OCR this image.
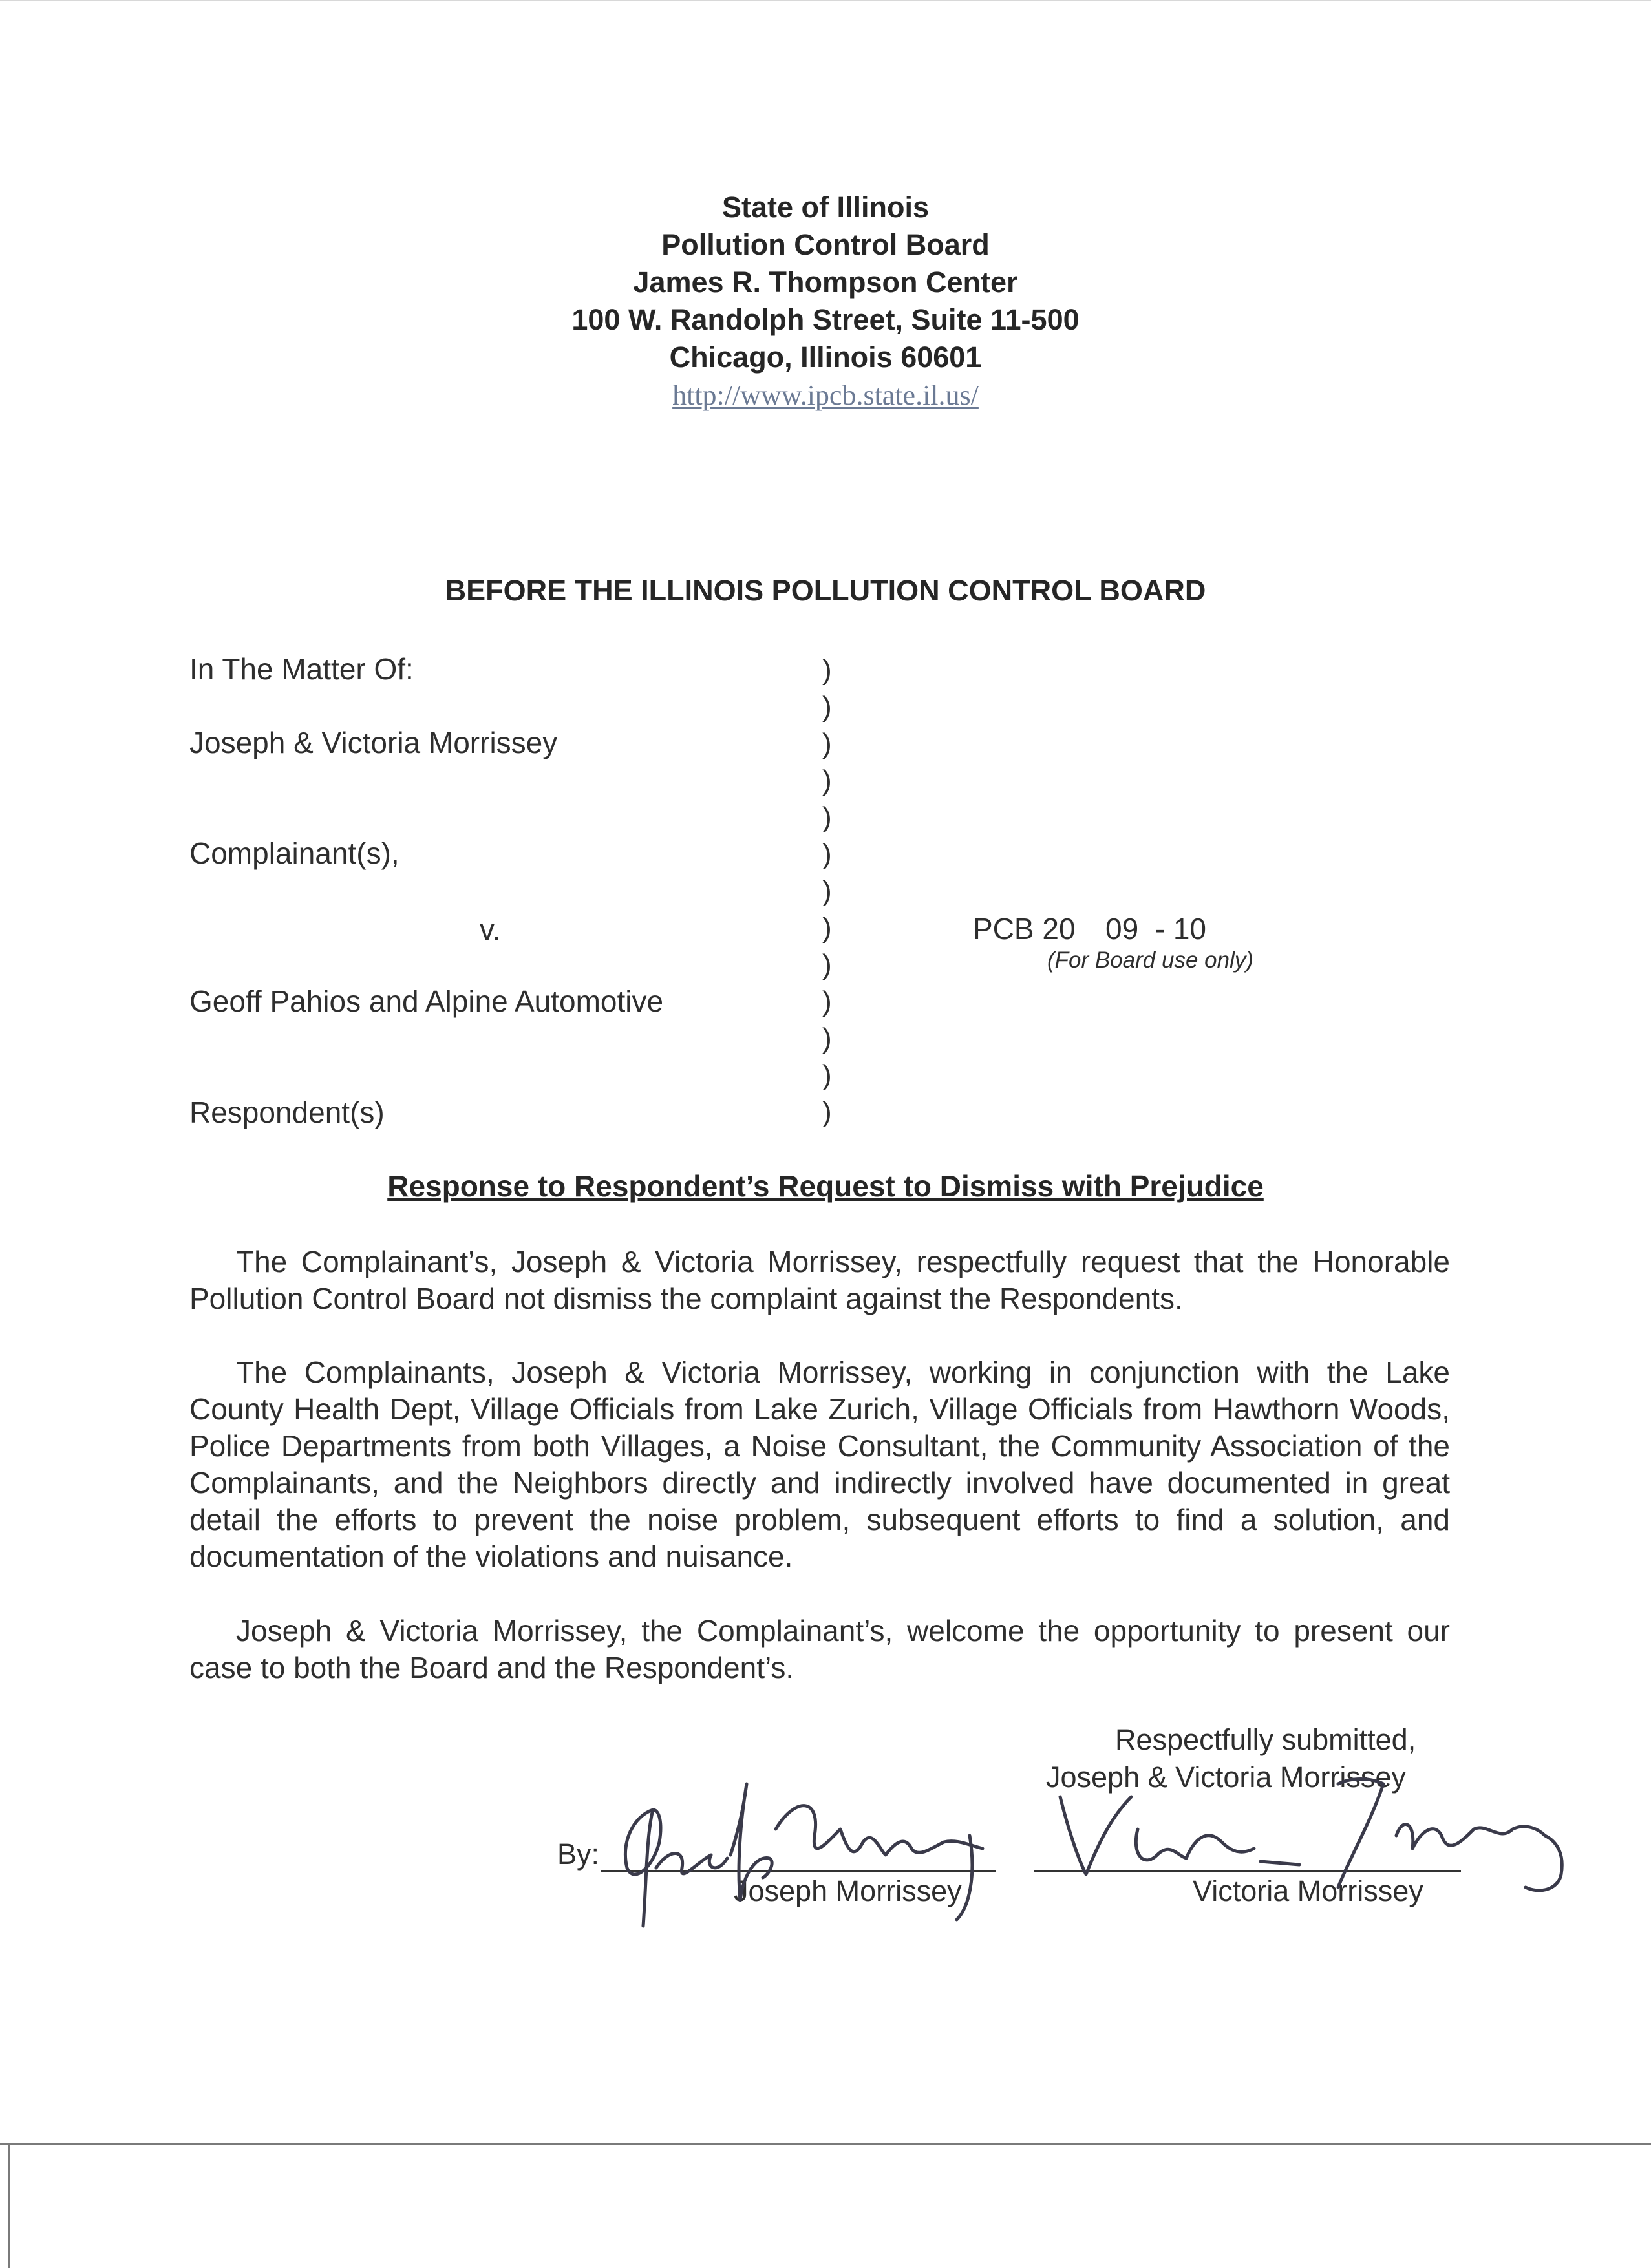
State of Illinois
Pollution Control Board
James R. Thompson Center
100 W. Randolph Street, Suite 11-500
Chicago, Illinois 60601
http://www.ipcb.state.il.us/
BEFORE THE ILLINOIS POLLUTION CONTROL BOARD
In The Matter Of:
Joseph & Victoria Morrissey
Complainant(s),
v.
Geoff Pahios and Alpine Automotive
Respondent(s)
)
)
)
)
)
)
)
)
)
)
)
)
)
PCB 20 09  - 10
(For Board use only)
Response to Respondent’s Request to Dismiss with Prejudice
The Complainant’s, Joseph & Victoria Morrissey, respectfully request that the Honorable Pollution Control Board not dismiss the complaint against the Respondents.
The Complainants, Joseph & Victoria Morrissey, working in conjunction with the Lake County Health Dept, Village Officials from Lake Zurich, Village Officials from Hawthorn Woods, Police Departments from both Villages, a Noise Consultant, the Community Association of the Complainants, and the Neighbors directly and indirectly involved have documented in great detail the efforts to prevent the noise problem, subsequent efforts to find a solution, and documentation of the violations and nuisance.
Joseph & Victoria Morrissey, the Complainant’s, welcome the opportunity to present our case to both the Board and the Respondent’s.
Respectfully submitted,
Joseph & Victoria Morrissey
By:
Joseph Morrissey	Victoria Morrissey
